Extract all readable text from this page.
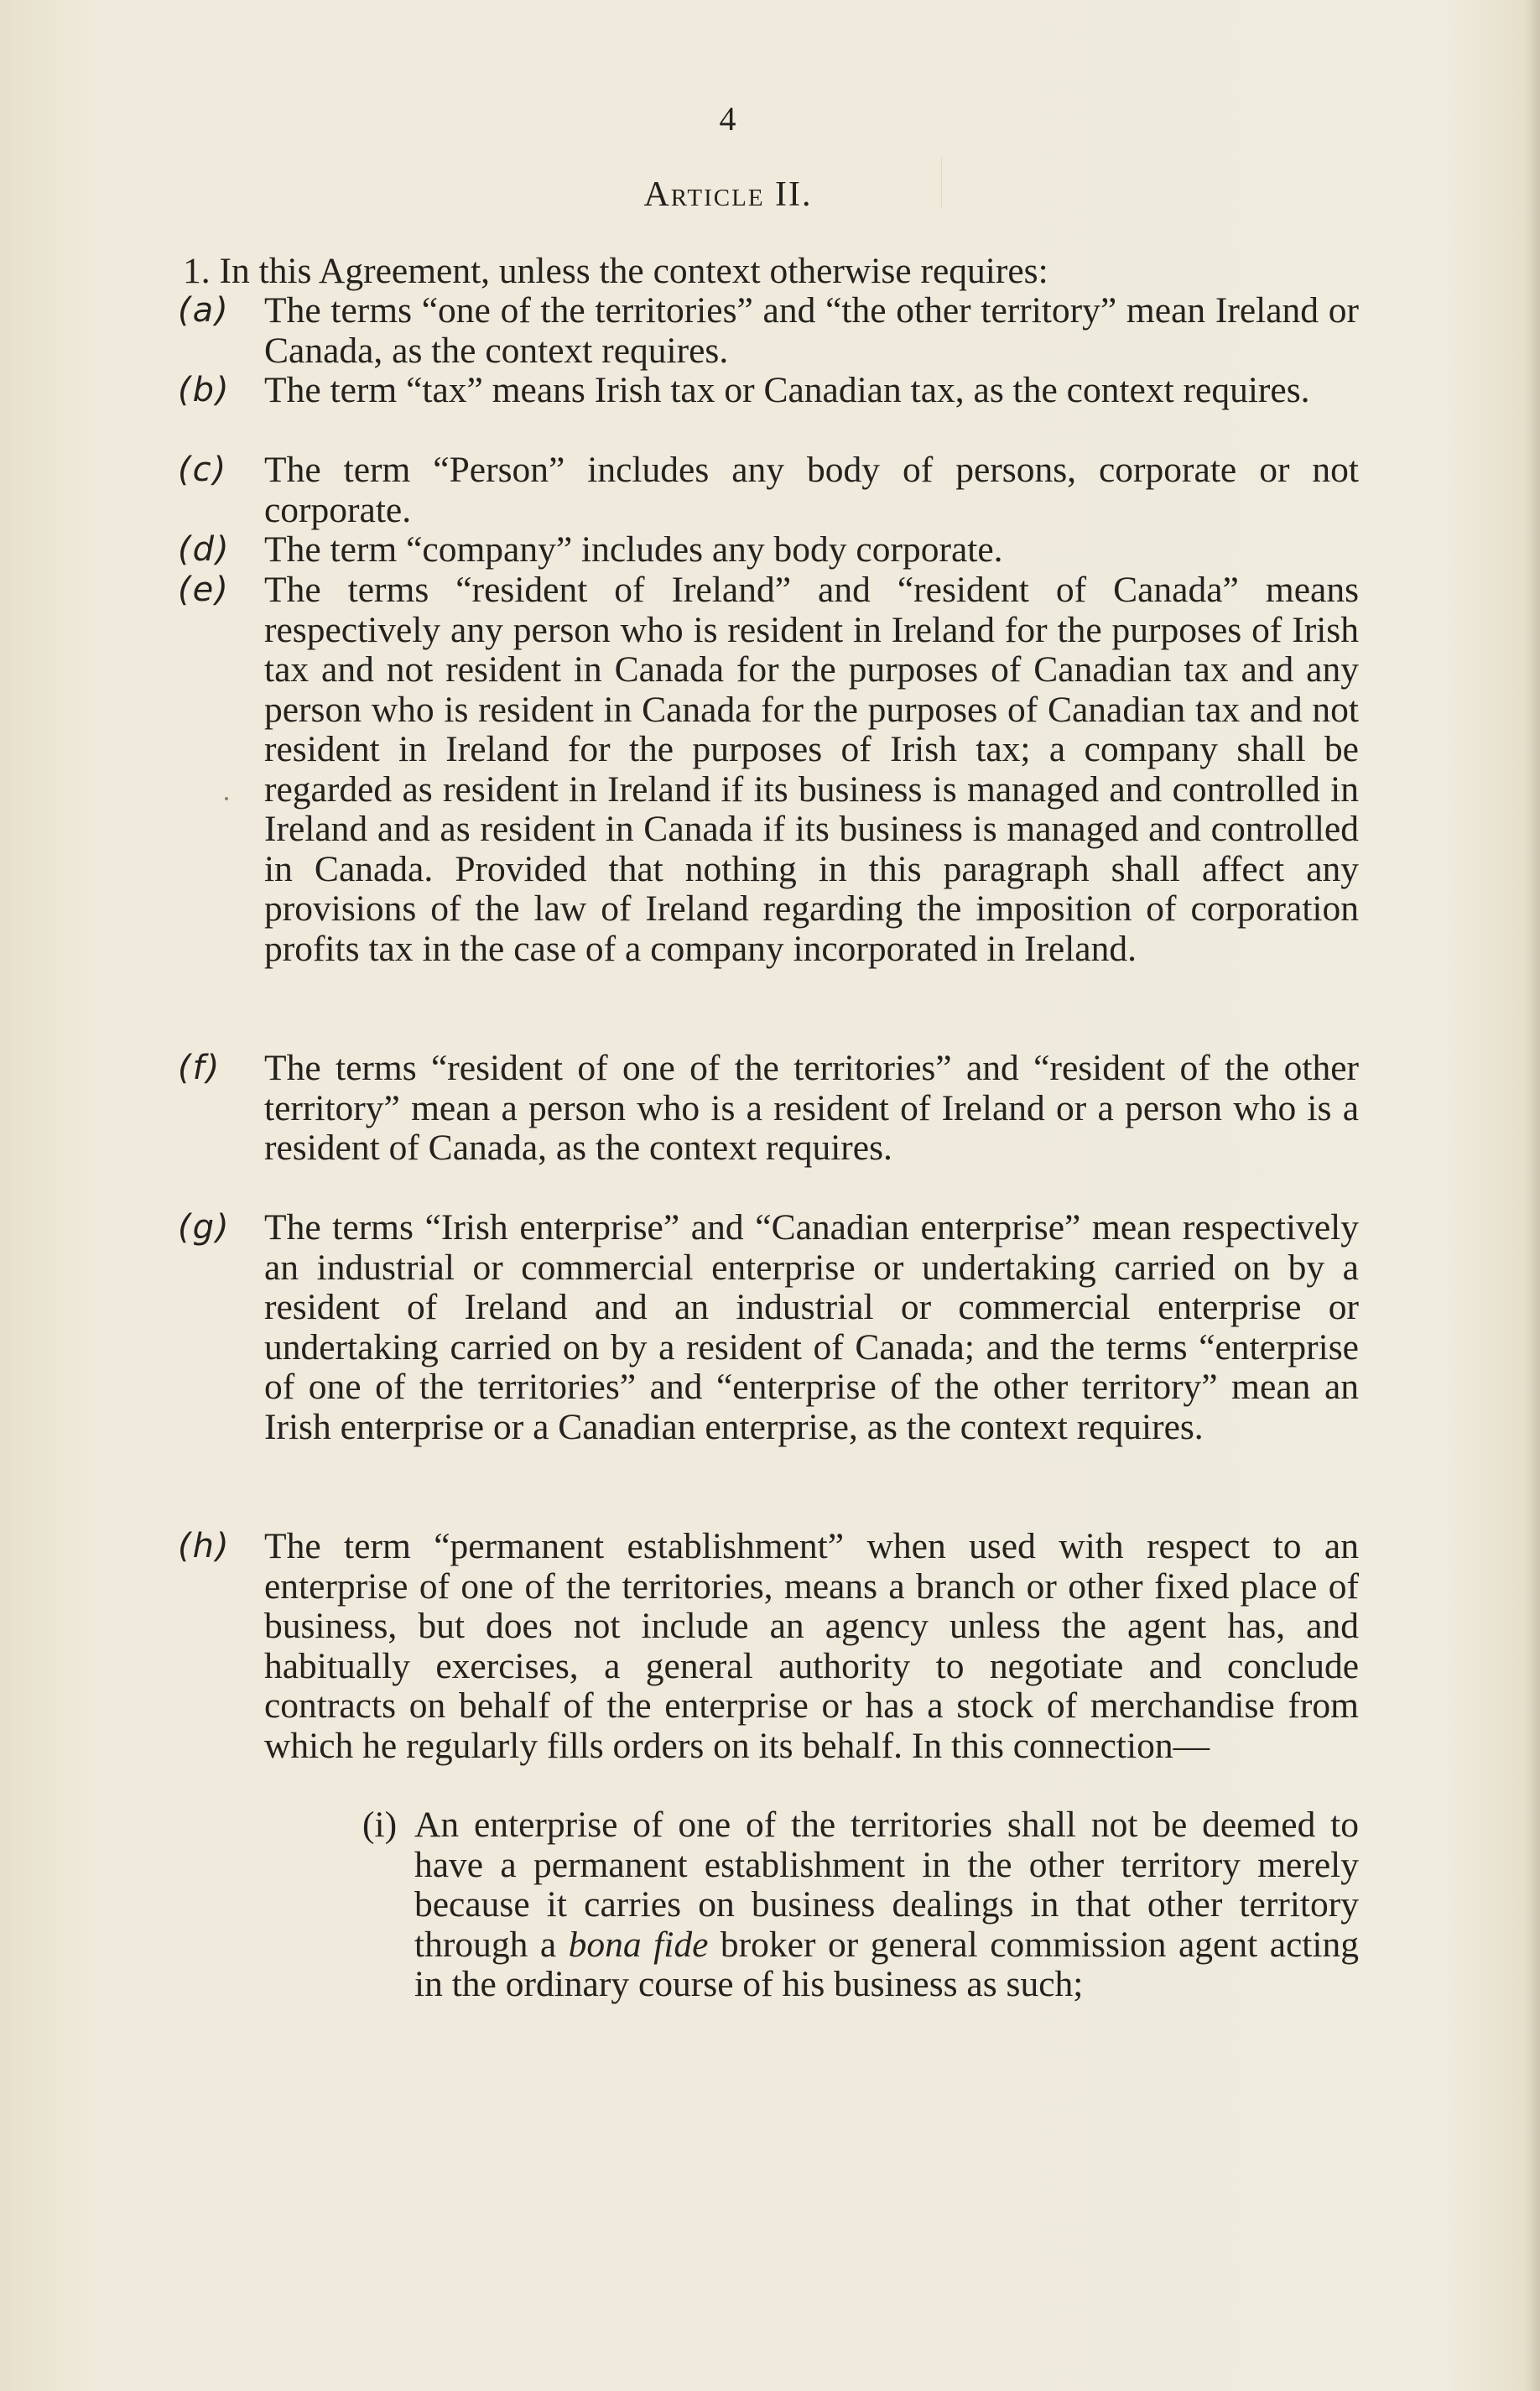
4
Article II.
1. In this Agreement, unless the context otherwise requires:
(a) The terms “one of the territories” and “the other territory” mean Ireland or Canada, as the context requires.
(b) The term “tax” means Irish tax or Canadian tax, as the context requires.
(c)	The term “Person” includes any body of persons, corporate or not corporate.
(d) The term “company” includes any body corporate.
(e) The terms “resident of Ireland” and “resident of Canada” means respectively any person who is resident in Ireland for the purposes of Irish tax and not resident in Canada for the purposes of Canadian tax and any person who is resident in Canada for the purposes of Canadian tax and not resident in Ireland for the purposes of Irish tax; a company shall be regarded as resident in Ireland if its business is managed and controlled in Ireland and as resident in Canada if its business is managed and controlled in Canada. Provided that nothing in this paragraph shall affect any provisions of the law of Ireland regarding the imposition of corporation profits tax in the case of a company incorporated in Ireland.
(f)	The terms “resident of one of the territories” and “resident of the other territory” mean a person who is a resident of Ireland or a person who is a resident of Canada, as the context requires.
(g) The terms “Irish enterprise” and “Canadian enterprise” mean respectively an industrial or commercial enterprise or undertaking carried on by a resident of Ireland and an industrial or commercial enterprise or undertaking carried on by a resident of Canada; and the terms “enterprise of one of the territories” and “enterprise of the other territory” mean an Irish enterprise or a Canadian enterprise, as the context requires.
(h) The term “permanent establishment” when used with respect to an enterprise of one of the territories, means a branch or other fixed place of business, but does not include an agency unless the agent has, and habitually exercises, a general authority to negotiate and conclude contracts on behalf of the enterprise or has a stock of merchandise from which he regularly fills orders on its behalf. In this connection—
(i) An enterprise of one of the territories shall not be deemed to have a permanent establishment in the other territory merely because it carries on business dealings in that other territory through a bona fide broker or general commission agent acting in the ordinary course of his business as such;
